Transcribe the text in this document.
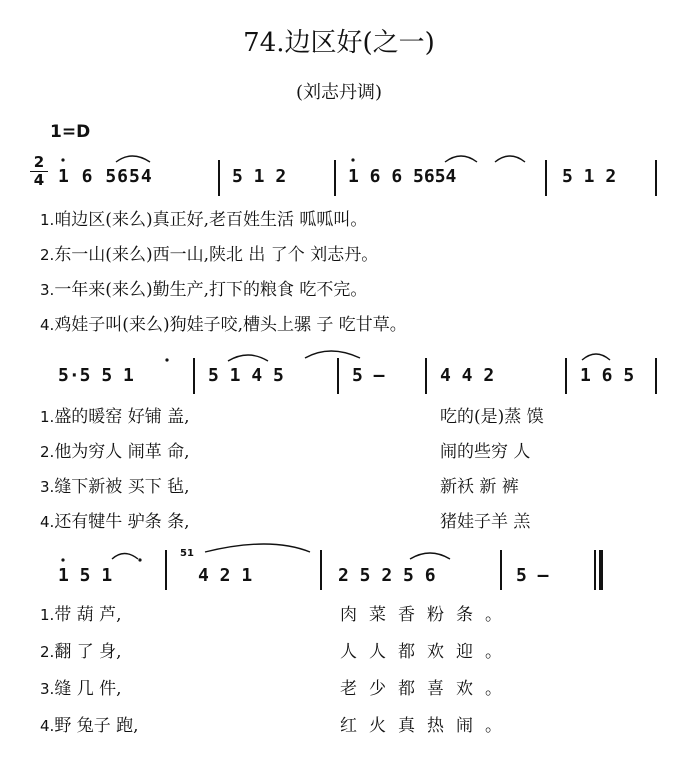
74.边区好(之一)
(刘志丹调)
1=D
2
4 1 6 5654	5 1 2	1 6 6 5654	5 1 2
1.咱边区(来么)真正好,老百姓生活 呱呱叫。
2.东一山(来么)西一山,陕北 出 了个 刘志丹。
3.一年来(来么)勤生产,打下的粮食 吃不完。
4.鸡娃子叫(来么)狗娃子咬,槽头上骡 子 吃甘草。
5·5 5 1	5 1 4 5	5 —	4 4 2	1 6 5
1.盛的暖窑 好铺 盖,	吃的(是)蒸 馍
2.他为穷人 闹革 命,	闹的些穷 人
3.缝下新被 买下 毡,	新袄 新 裤
4.还有犍牛 驴条 条,	猪娃子羊 羔
1 5 1
51
4 2 1	2 5 2 5 6	5 —
1.带 葫 芦,	肉菜香粉条。
2.翻 了 身,	人人都欢迎。
3.缝 几 件,	老少都喜欢。
4.野 兔子 跑,	红火真热闹。
